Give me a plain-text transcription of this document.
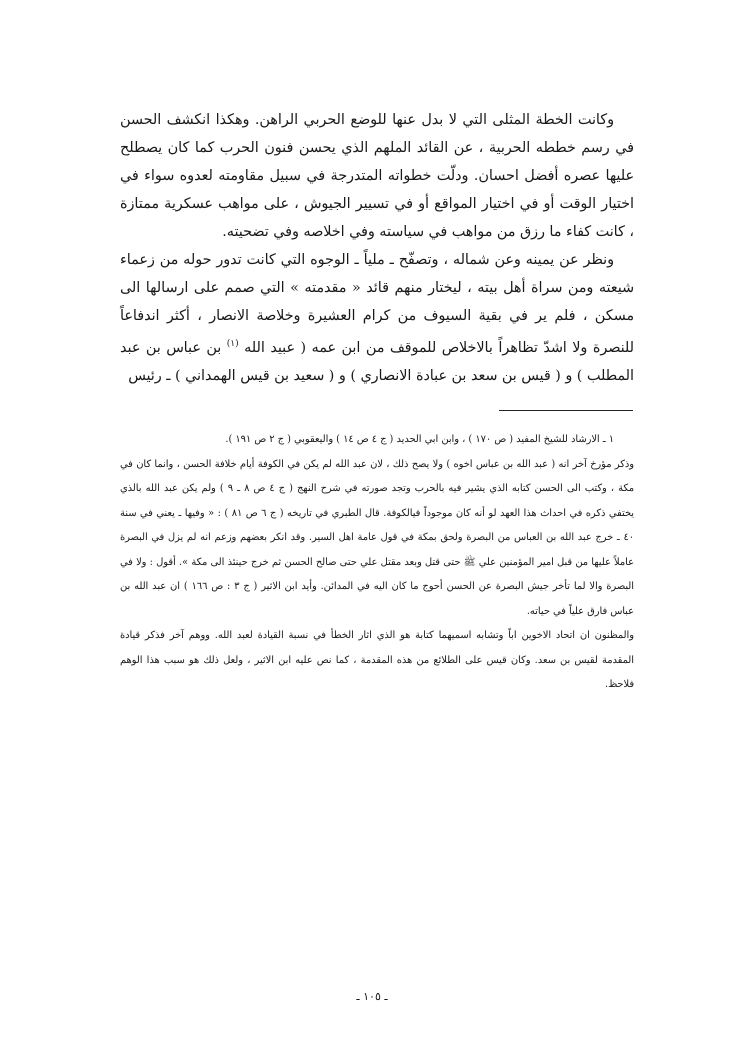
وكانت الخطة المثلى التي لا بدل عنها للوضع الحربي الراهن. وهكذا انكشف الحسن في رسم خططه الحربية ، عن القائد الملهم الذي يحسن فنون الحرب كما كان يصطلح عليها عصره أفضل احسان. ودلّت خطواته المتدرجة في سبيل مقاومته لعدوه سواء في اختيار الوقت أو في اختيار المواقع أو في تسيير الجيوش ، على مواهب عسكرية ممتازة ، كانت كفاء ما رزق من مواهب في سياسته وفي اخلاصه وفي تضحيته.

ونظر عن يمينه وعن شماله ، وتصفّح ـ ملياً ـ الوجوه التي كانت تدور حوله من زعماء شيعته ومن سراة أهل بيته ، ليختار منهم قائد « مقدمته » التي صمم على ارسالها الى مسكن ، فلم ير في بقية السيوف من كرام العشيرة وخلاصة الانصار ، أكثر اندفاعاً للنصرة ولا اشدّ تظاهراً بالاخلاص للموقف من ابن عمه ( عبيد الله $^{(١)}$ بن عباس بن عبد المطلب ) و ( قيس بن سعد بن عبادة الانصاري ) و ( سعيد بن قيس الهمداني ) ـ رئيس

١ ـ الارشاد للشيخ المفيد ( ص ١٧٠ ) ، وابن ابي الحديد ( ج ٤ ص ١٤ ) واليعقوبي ( ج ٢ ص ١٩١ ).

وذكر مؤرخ آخر انه ( عبد الله بن عباس اخوه ) ولا يصح ذلك ، لان عبد الله لم يكن في الكوفة أيام خلافة الحسن ، وانما كان في مكة ، وكتب الى الحسن كتابه الذي يشير فيه بالحرب وتجد صورته في شرح النهج ( ج ٤ ص ٨ ـ ٩ ) ولم يكن عبد الله بالذي يختفي ذكره في احداث هذا العهد لو أنه كان موجوداً فيالكوفة. قال الطبري في تاريخه ( ج ٦ ص ٨١ ) : « وفيها ـ يعني في سنة ٤٠ ـ خرج عبد الله بن العباس من البصرة ولحق بمكة في قول عامة اهل السير. وقد انكر بعضهم وزعم انه لم يزل في البصرة عاملاً عليها من قبل امير المؤمنين علي ﷺ حتى قتل وبعد مقتل علي حتى صالح الحسن ثم خرج حينئذ الى مكة ». أقول : ولا في البصرة والا لما تأخر جيش البصرة عن الحسن أحوج ما كان اليه في المدائن. وأيد ابن الاثير ( ج ٣ : ص ١٦٦ ) ان عبد الله بن عباس فارق علياً في حياته.

والمظنون ان اتحاد الاخوين اباً وتشابه اسميهما كتابة هو الذي اثار الخطأ في نسبة القيادة لعبد الله. ووهم آخر فذكر قيادة المقدمة لقيس بن سعد. وكان قيس على الطلائع من هذه المقدمة ، كما نص عليه ابن الاثير ، ولعل ذلك هو سبب هذا الوهم فلاحظ.

ـ ١٠٥ ـ
